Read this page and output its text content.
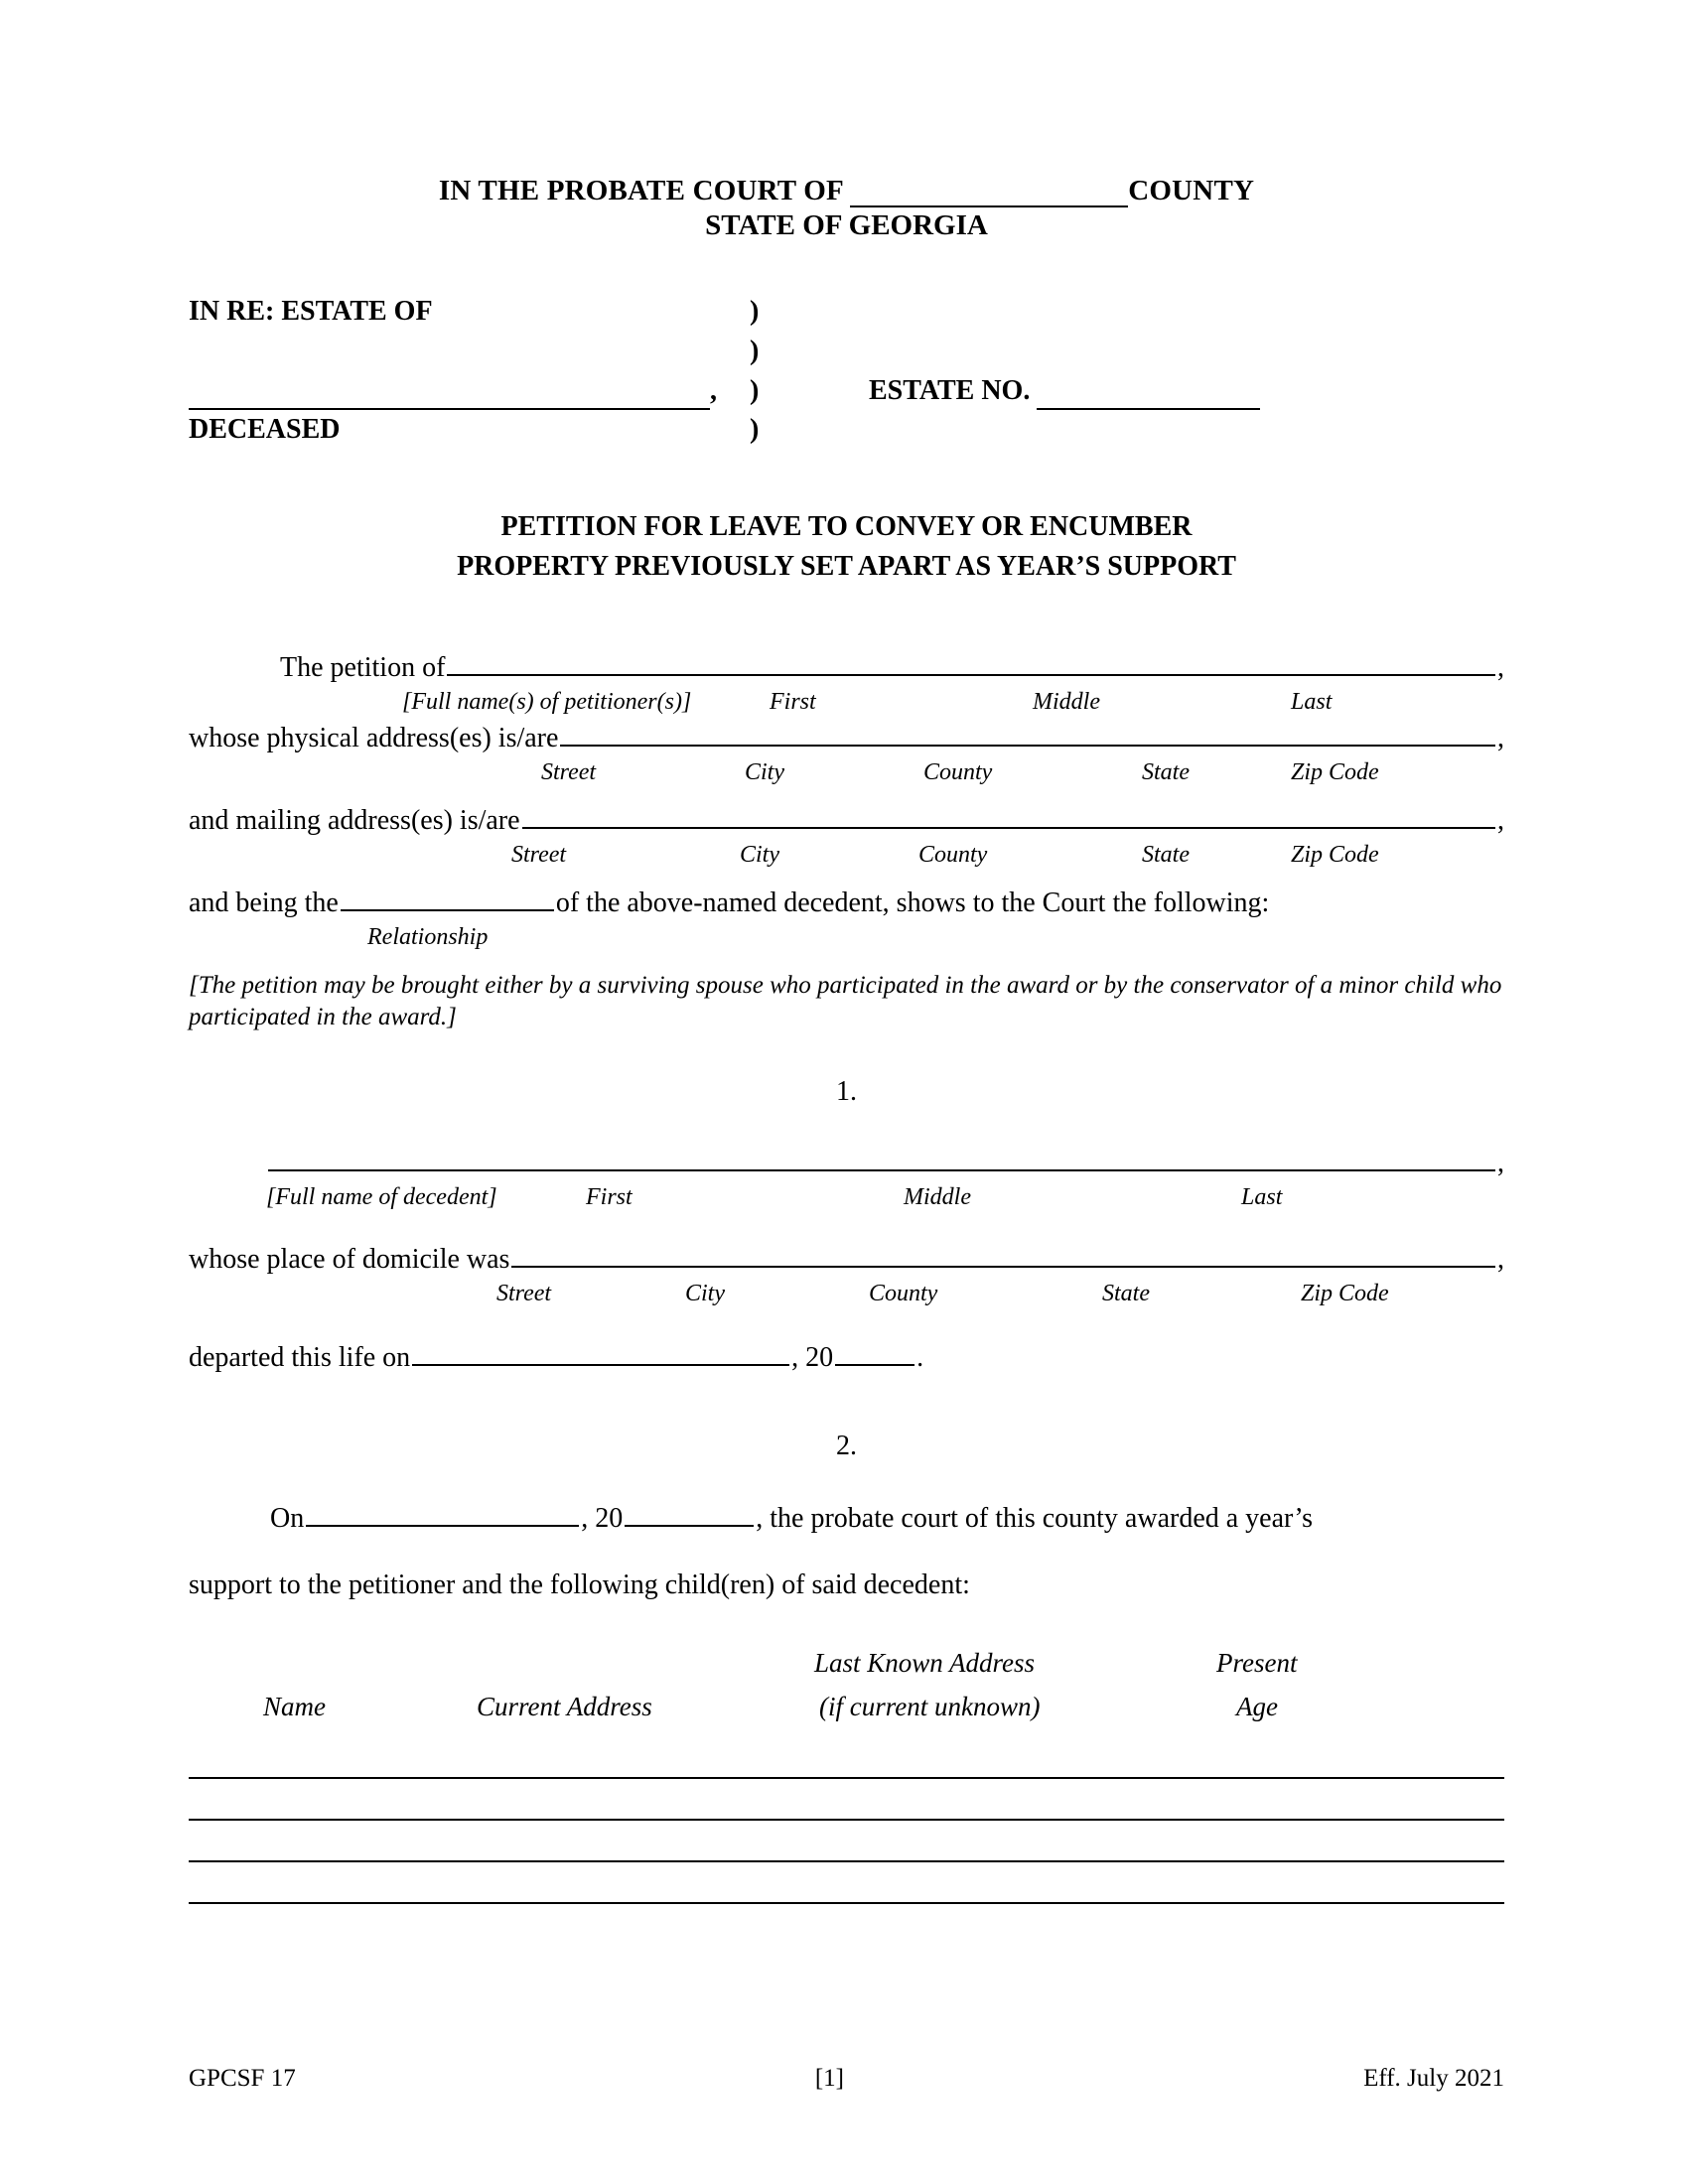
IN THE PROBATE COURT OF	COUNTY
STATE OF GEORGIA
IN RE: ESTATE OF	)

)

,	)	ESTATE NO.
DECEASED	)

PETITION FOR LEAVE TO CONVEY OR ENCUMBER
PROPERTY PREVIOUSLY SET APART AS YEAR’S SUPPORT
The petition of	,
[Full name(s) of petitioner(s)]	First	Middle	Last
whose physical address(es) is/are	,
Street	City	County	State	Zip Code
and mailing address(es) is/are	,
Street	City	County	State	Zip Code
and being the	of the above-named decedent, shows to the Court the following:
Relationship
[The petition may be brought either by a surviving spouse who participated in the award or by the conservator of a minor child who participated in the award.]
1.
,
[Full name of decedent]	First	Middle	Last
whose place of domicile was	,
Street	City	County	State	Zip Code
departed this life on	, 20	.
2.
On	, 20	, the probate court of this county awarded a year’s
support to the petitioner and the following child(ren) of said decedent:
Last Known Address	Present
Name	Current Address	(if current unknown)	Age
GPCSF 17	[1]	Eff. July 2021
